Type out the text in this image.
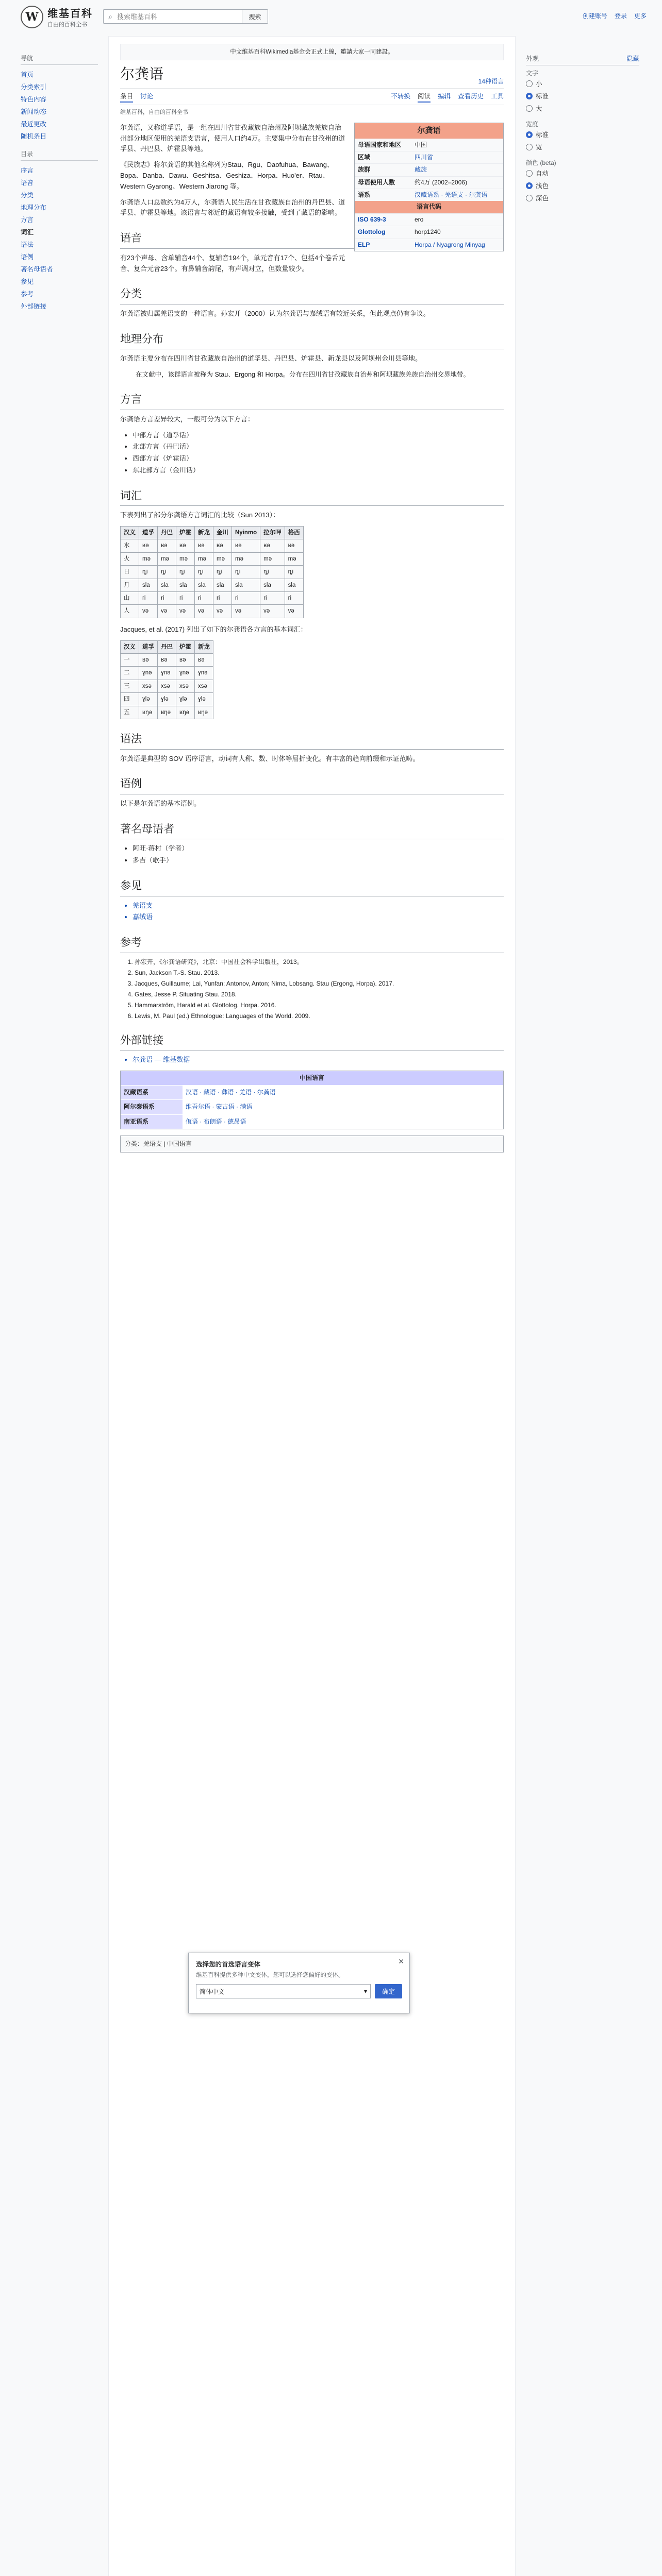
W 维基百科
自由的百科全书
⌕
搜索维基百科	搜索	创建账号 登录 更多
导航
首页
分类索引
特色内容
新闻动态
最近更改
随机条目
目录
序言
语音
分类
地理分布
方言
词汇
语法
语例
著名母语者
参见
参考
外部链接
中文维基百科Wikimedia基金会正式上線，邀請大家一同建設。
尔龚语	14种语言
条目 讨论	不转换 阅读 编辑 查看历史 工具
维基百科，自由的百科全书
尔龚语
母语国家和地区	中国
区域	四川省
族群	藏族
母语使用人数	约4万 (2002–2006)
语系	汉藏语系 · 羌语支 · 尔龚语
语言代码
ISO 639-3	ero
Glottolog	horp1240
ELP	Horpa / Nyagrong Minyag

尔龚语，又称道孚语，是一组在四川省甘孜藏族自治州及阿坝藏族羌族自治州部分地区使用的羌语支语言，使用人口约4万。主要集中分布在甘孜州的道孚县、丹巴县、炉霍县等地。

《民族志》将尔龚语的其他名称列为Stau、Rgu、Daofuhua、Bawang、Bopa、Danba、Dawu、Geshitsa、Geshiza、Horpa、Huo'er、Rtau、Western Gyarong、Western Jiarong 等。

尔龚语人口总数约为4万人，尔龚语人民生活在甘孜藏族自治州的丹巴县、道孚县、炉霍县等地。该语言与邻近的藏语有较多接触，受到了藏语的影响。

语音

有23个声母、含单辅音44个、复辅音194个，单元音有17个、包括4个卷舌元音、复合元音23个。有鼻辅音韵尾，有声调对立，但数量较少。

分类

尔龚语被归属羌语支的一种语言。孙宏开（2000）认为尔龚语与嘉绒语有较近关系，但此观点仍有争议。

地理分布

尔龚语主要分布在四川省甘孜藏族自治州的道孚县、丹巴县、炉霍县、新龙县以及阿坝州金川县等地。

在文献中，该群语言被称为 Stau、Ergong 和 Horpa。分布在四川省甘孜藏族自治州和阿坝藏族羌族自治州交界地带。
方言

尔龚语方言差异较大，一般可分为以下方言：

• 中部方言（道孚话）
• 北部方言（丹巴话）
• 西部方言（炉霍话）
• 东北部方言（金川话）
词汇

下表列出了部分尔龚语方言词汇的比较（Sun 2013）：

汉义	道孚	丹巴	炉霍	新龙	金川	Nyinmo	拉尔呷	格西
水	ʁə	ʁə	ʁə	ʁə	ʁə	ʁə	ʁə	ʁə
火	mə	mə	mə	mə	mə	mə	mə	mə
日	ȵi	ȵi	ȵi	ȵi	ȵi	ȵi	ȵi	ȵi
月	sla	sla	sla	sla	sla	sla	sla	sla
山	ri	ri	ri	ri	ri	ri	ri	ri
人	və	və	və	və	və	və	və	və

Jacques, et al. (2017) 列出了如下的尔龚语各方言的基本词汇：

汉义	道孚	丹巴	炉霍	新龙
一	ʁə	ʁə	ʁə	ʁə
二	ɣnə	ɣnə	ɣnə	ɣnə
三	xsə	xsə	xsə	xsə
四	ɣlə	ɣlə	ɣlə	ɣlə
五	ʁŋə	ʁŋə	ʁŋə	ʁŋə
语法

尔龚语是典型的 SOV 语序语言，动词有人称、数、时体等屈折变化。有丰富的趋向前缀和示证范畴。

语例

以下是尔龚语的基本语例。

著名母语者
• 阿旺·蒋村（学者）
• 多吉（歌手）
参见
• 羌语支
• 嘉绒语
参考
1. 孙宏开，《尔龚语研究》，北京：中国社会科学出版社，2013。
2. Sun, Jackson T.-S. Stau. 2013.
3. Jacques, Guillaume; Lai, Yunfan; Antonov, Anton; Nima, Lobsang. Stau (Ergong, Horpa). 2017.
4. Gates, Jesse P. Situating Stau. 2018.
5. Hammarström, Harald et al. Glottolog. Horpa. 2016.
6. Lewis, M. Paul (ed.) Ethnologue: Languages of the World. 2009.
外部链接
• 尔龚语 — 维基数据
中国语言
汉藏语系	汉语 · 藏语 · 彝语 · 羌语 · 尔龚语
阿尔泰语系	维吾尔语 · 蒙古语 · 满语
南亚语系	佤语 · 布朗语 · 德昂语
分类：羌语支 | 中国语言
选择您的首选语言变体	✕
维基百科提供多种中文变体，您可以选择您偏好的变体。
简体中文	▾	确定
外观	隐藏
文字
小
标准
大
宽度
标准
宽
颜色 (beta)
自动
浅色
深色
